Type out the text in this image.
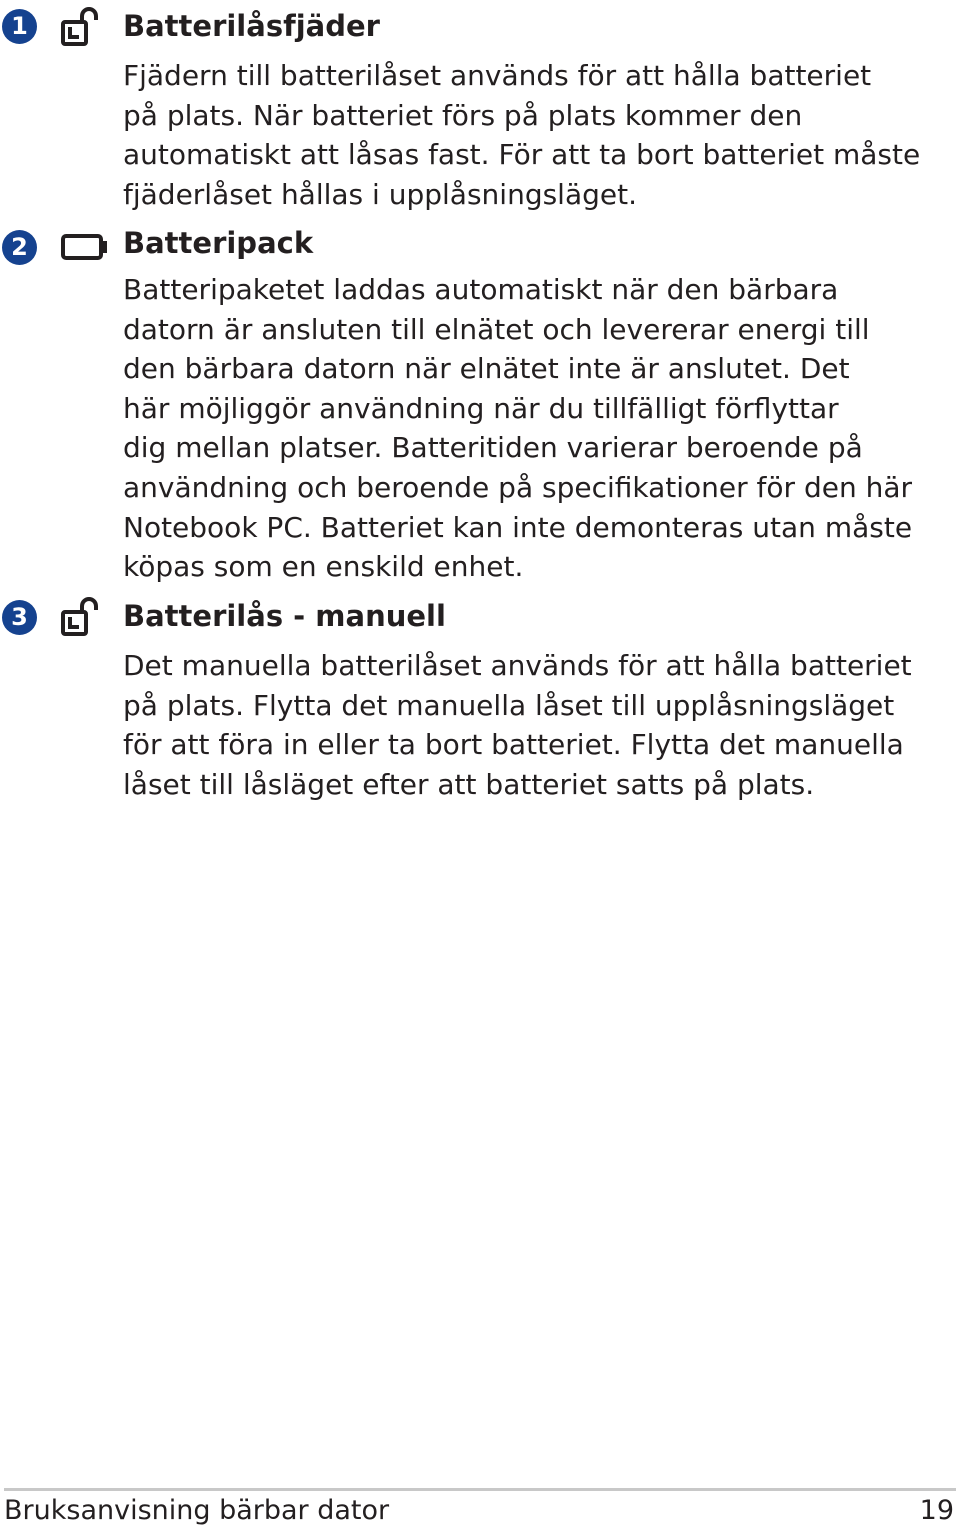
1	Batterilåsfjäder
Fjädern till batterilåset används för att hålla batteriet
på plats. När batteriet förs på plats kommer den
automatiskt att låsas fast. För att ta bort batteriet måste
fjäderlåset hållas i upplåsningsläget.
2	Batteripack
Batteripaketet laddas automatiskt när den bärbara
datorn är ansluten till elnätet och levererar energi till
den bärbara datorn när elnätet inte är anslutet. Det
här möjliggör användning när du tillfälligt förflyttar
dig mellan platser. Batteritiden varierar beroende på
användning och beroende på specifikationer för den här
Notebook PC. Batteriet kan inte demonteras utan måste
köpas som en enskild enhet.
3	Batterilås - manuell
Det manuella batterilåset används för att hålla batteriet
på plats. Flytta det manuella låset till upplåsningsläget
för att föra in eller ta bort batteriet. Flytta det manuella
låset till låsläget efter att batteriet satts på plats.
Bruksanvisning bärbar dator	19
